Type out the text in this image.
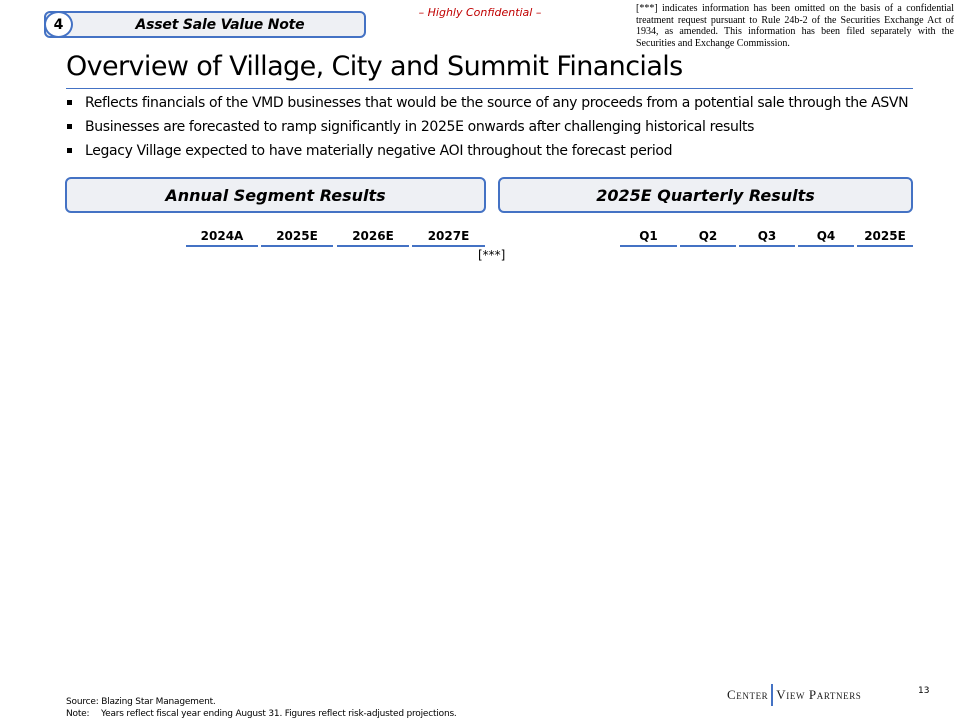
4	Asset Sale Value Note
– Highly Confidential –	[***] indicates information has been omitted on the basis of a confidential treatment request pursuant to Rule 24b-2 of the Securities Exchange Act of 1934, as amended. This information has been filed separately with the Securities and Exchange Commission.
Overview of Village, City and Summit Financials
Reflects financials of the VMD businesses that would be the source of any proceeds from a potential sale through the ASVN
Businesses are forecasted to ramp significantly in 2025E onwards after challenging historical results
Legacy Village expected to have materially negative AOI throughout the forecast period
Annual Segment Results	2025E Quarterly Results
2024A	2025E	2026E	2027E	Q1	Q2	Q3	Q4	2025E
[***]
Source: Blazing Star Management.
Note: Years reflect fiscal year ending August 31. Figures reflect risk-adjusted projections.
Center View Partners	13
